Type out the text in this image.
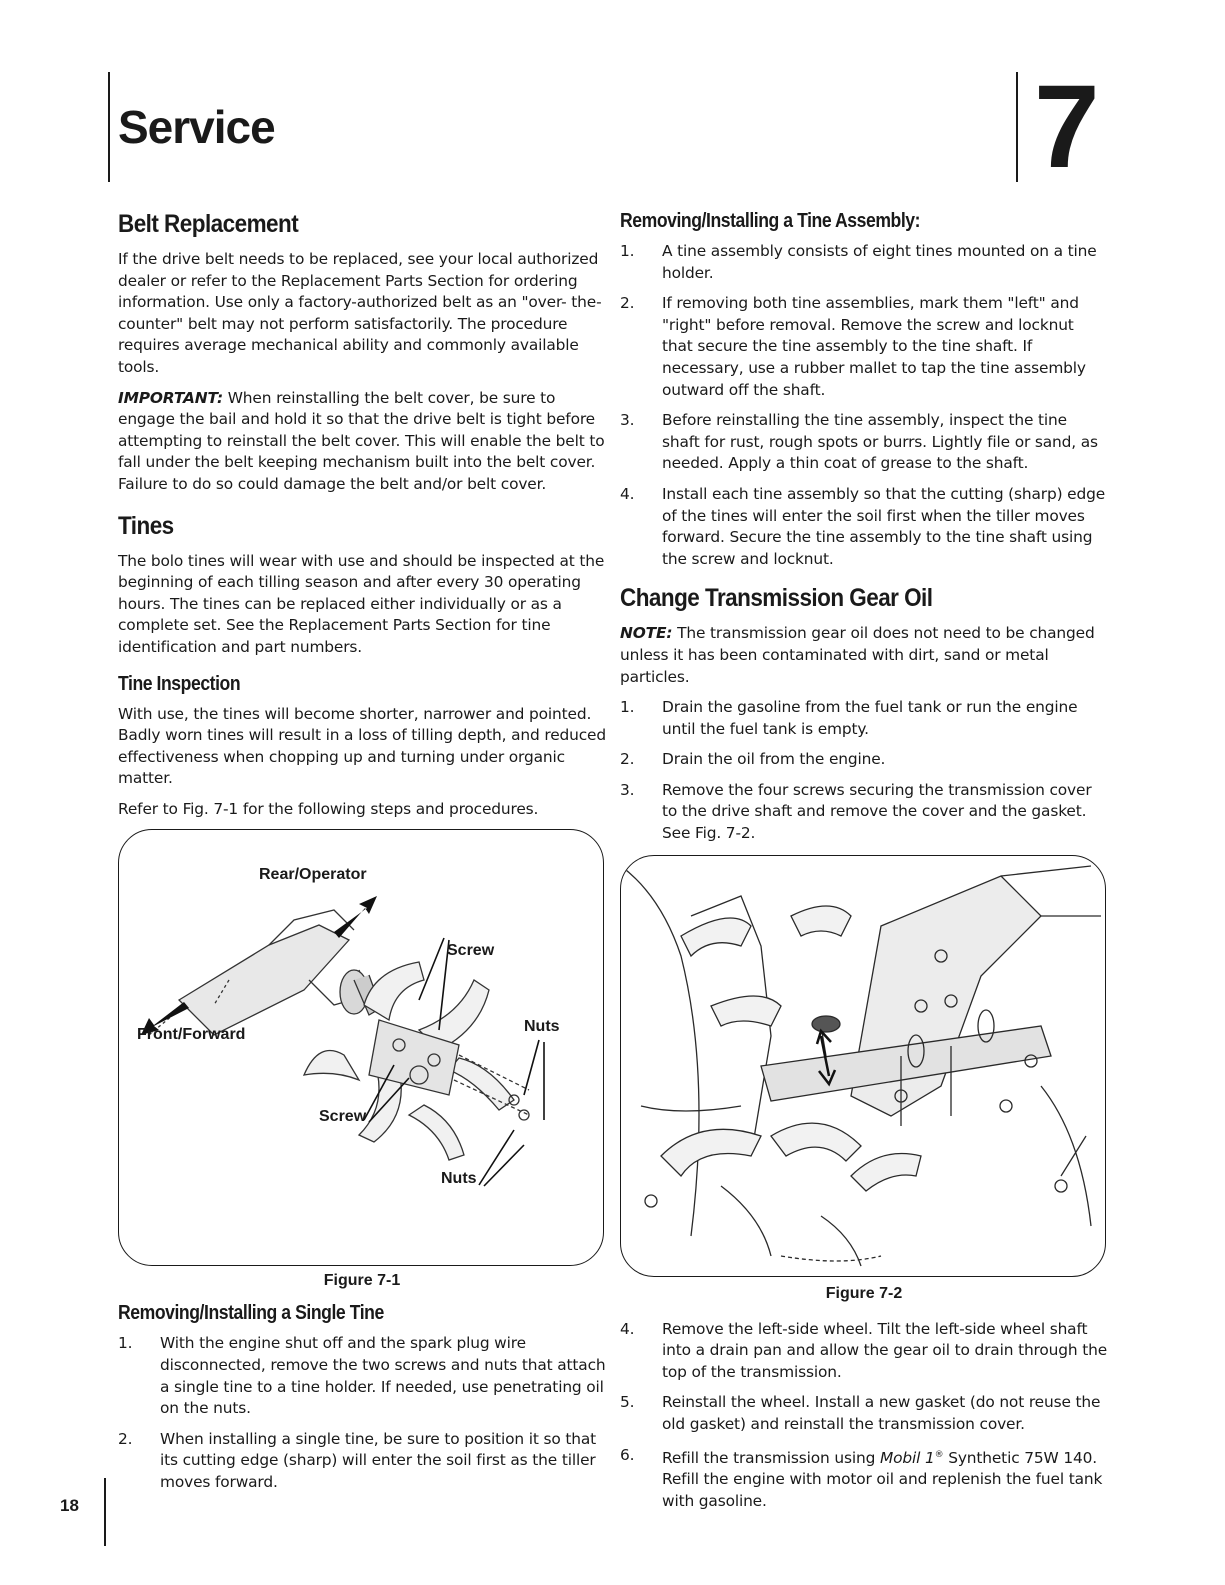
Service	7
Belt Replacement

If the drive belt needs to be replaced, see your local authorized dealer or refer to the Replacement Parts Section for ordering information. Use only a factory-authorized belt as an "over- the-counter" belt may not perform satisfactorily. The procedure requires average mechanical ability and commonly available tools.

IMPORTANT: When reinstalling the belt cover, be sure to engage the bail and hold it so that the drive belt is tight before attempting to reinstall the belt cover. This will enable the belt to fall under the belt keeping mechanism built into the belt cover. Failure to do so could damage the belt and/or belt cover.

Tines

The bolo tines will wear with use and should be inspected at the beginning of each tilling season and after every 30 operating hours. The tines can be replaced either individually or as a complete set. See the Replacement Parts Section for tine identification and part numbers.

Tine Inspection

With use, the tines will become shorter, narrower and pointed. Badly worn tines will result in a loss of tilling depth, and reduced effectiveness when chopping up and turning under organic matter.

Refer to Fig. 7-1 for the following steps and procedures.

Rear/Operator
Front/Forward
Screw
Nuts
Screw
Nuts
Figure 7-1
Removing/Installing a Single Tine
1. With the engine shut off and the spark plug wire disconnected, remove the two screws and nuts that attach a single tine to a tine holder. If needed, use penetrating oil on the nuts.
2. When installing a single tine, be sure to position it so that its cutting edge (sharp) will enter the soil first as the tiller moves forward.
Removing/Installing a Tine Assembly:
1. A tine assembly consists of eight tines mounted on a tine holder.
2. If removing both tine assemblies, mark them "left" and "right" before removal. Remove the screw and locknut that secure the tine assembly to the tine shaft. If necessary, use a rubber mallet to tap the tine assembly outward off the shaft.
3. Before reinstalling the tine assembly, inspect the tine shaft for rust, rough spots or burrs. Lightly file or sand, as needed. Apply a thin coat of grease to the shaft.
4. Install each tine assembly so that the cutting (sharp) edge of the tines will enter the soil first when the tiller moves forward. Secure the tine assembly to the tine shaft using the screw and locknut.
Change Transmission Gear Oil

NOTE: The transmission gear oil does not need to be changed unless it has been contaminated with dirt, sand or metal particles.

1. Drain the gasoline from the fuel tank or run the engine until the fuel tank is empty.
2. Drain the oil from the engine.
3. Remove the four screws securing the transmission cover to the drive shaft and remove the cover and the gasket. See Fig. 7-2.
Figure 7-2
4. Remove the left-side wheel. Tilt the left-side wheel shaft into a drain pan and allow the gear oil to drain through the top of the transmission.
5. Reinstall the wheel. Install a new gasket (do not reuse the old gasket) and reinstall the transmission cover.
6. Refill the transmission using Mobil 1® Synthetic 75W 140. Refill the engine with motor oil and replenish the fuel tank with gasoline.
18
